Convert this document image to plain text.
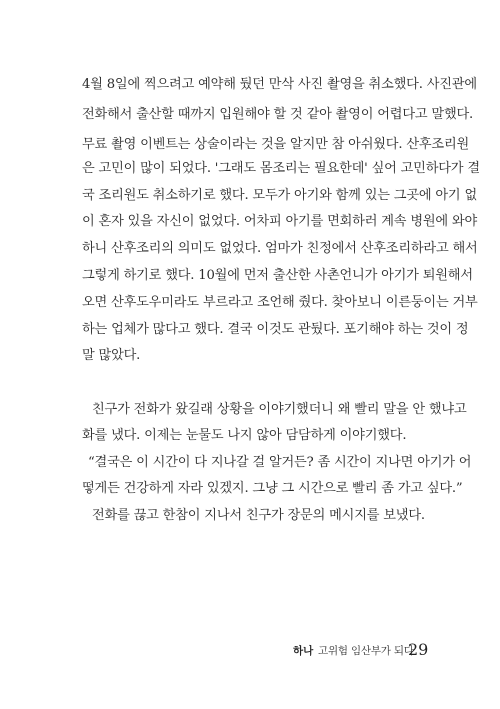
4월 8일에 찍으려고 예약해 뒀던 만삭 사진 촬영을 취소했다. 사진관에
전화해서 출산할 때까지 입원해야 할 것 같아 촬영이 어렵다고 말했다.
무료 촬영 이벤트는 상술이라는 것을 알지만 참 아쉬웠다. 산후조리원
은 고민이 많이 되었다. '그래도 몸조리는 필요한데' 싶어 고민하다가 결
국 조리원도 취소하기로 했다. 모두가 아기와 함께 있는 그곳에 아기 없
이 혼자 있을 자신이 없었다. 어차피 아기를 면회하러 계속 병원에 와야
하니 산후조리의 의미도 없었다. 엄마가 친정에서 산후조리하라고 해서
그렇게 하기로 했다. 10월에 먼저 출산한 사촌언니가 아기가 퇴원해서
오면 산후도우미라도 부르라고 조언해 줬다. 찾아보니 이른둥이는 거부
하는 업체가 많다고 했다. 결국 이것도 관뒀다. 포기해야 하는 것이 정
말 많았다.
친구가 전화가 왔길래 상황을 이야기했더니 왜 빨리 말을 안 했냐고
화를 냈다. 이제는 눈물도 나지 않아 담담하게 이야기했다.
“결국은 이 시간이 다 지나갈 걸 알거든? 좀 시간이 지나면 아기가 어
떻게든 건강하게 자라 있겠지. 그냥 그 시간으로 빨리 좀 가고 싶다.”
전화를 끊고 한참이 지나서 친구가 장문의 메시지를 보냈다.
하나 고위험 임산부가 되다
29
